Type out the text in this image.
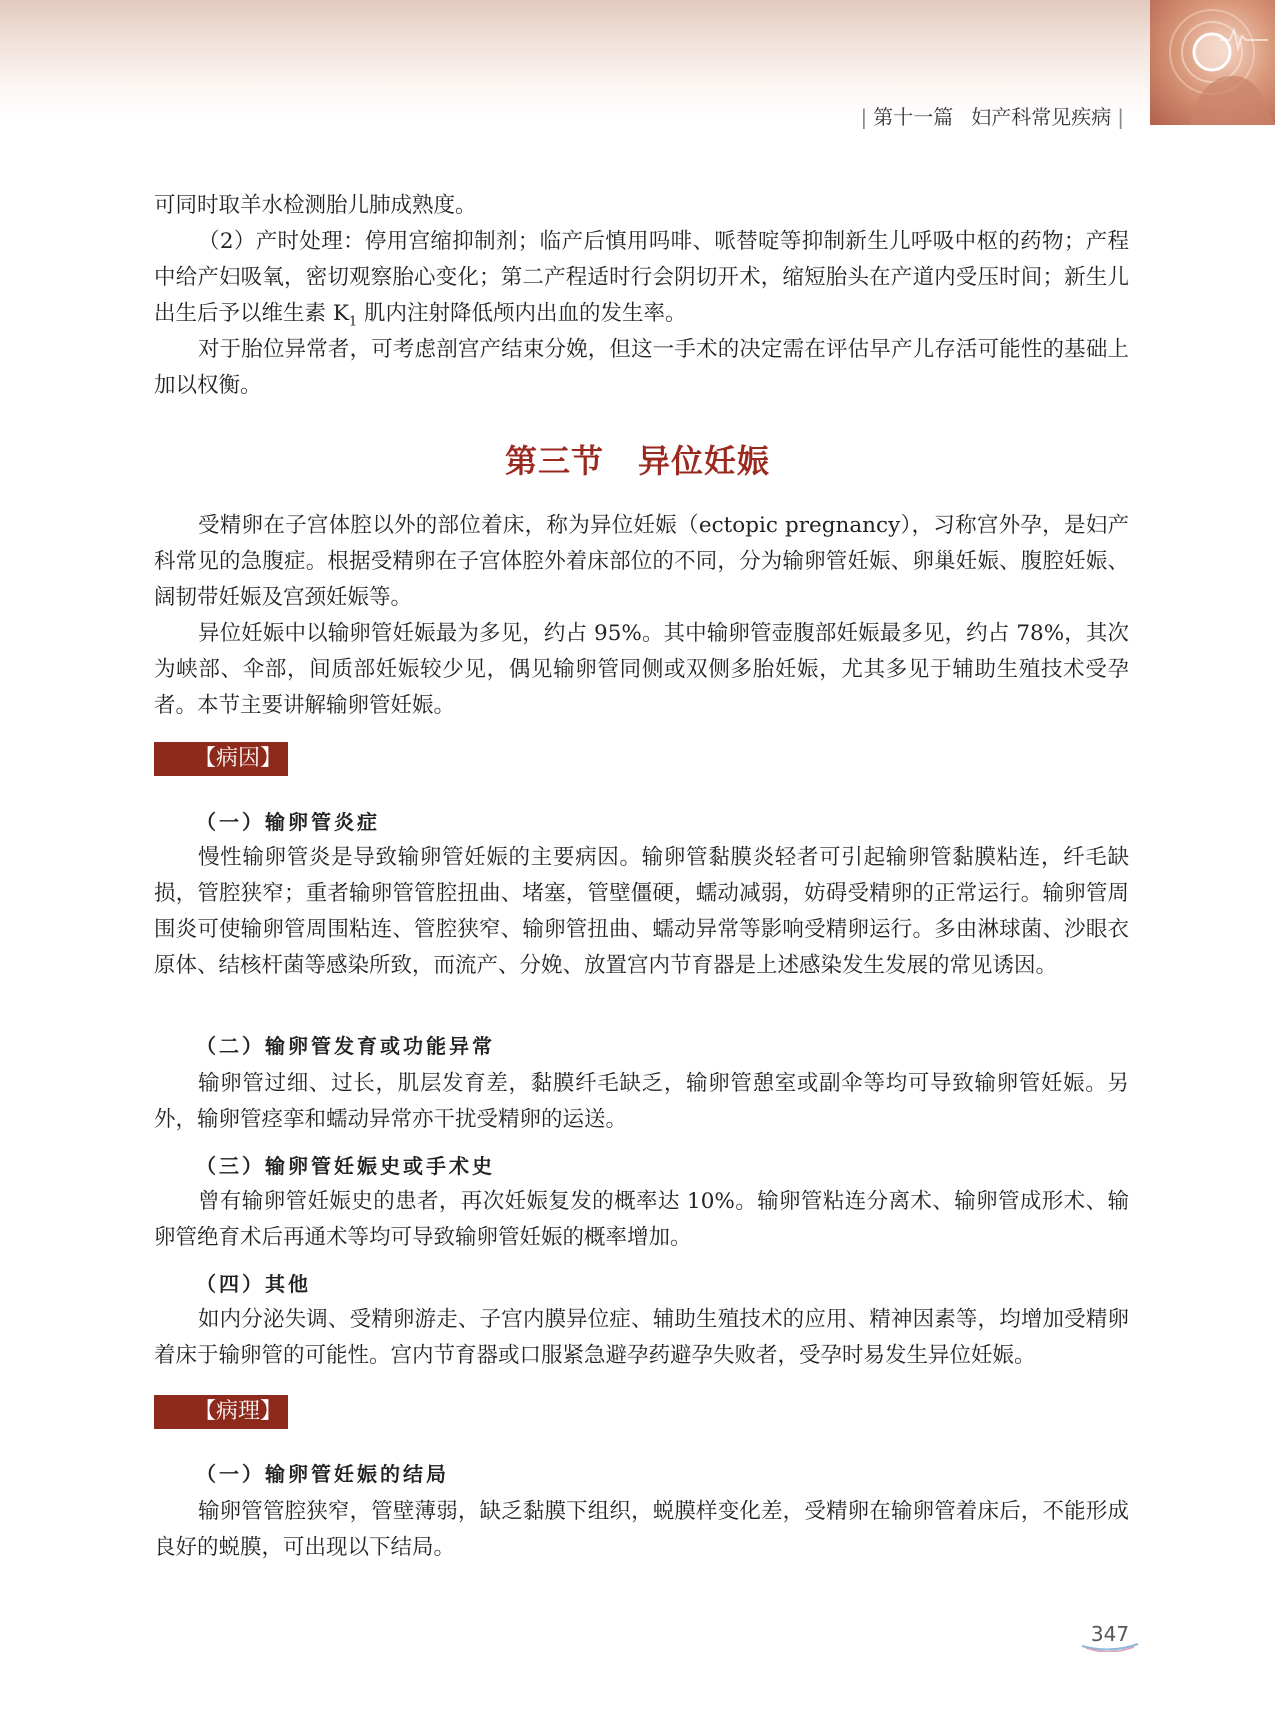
| 第十一篇 妇产科常见疾病 |

可同时取羊水检测胎儿肺成熟度。

（2）产时处理：停用宫缩抑制剂；临产后慎用吗啡、哌替啶等抑制新生儿呼吸中枢的药物；产程中给产妇吸氧，密切观察胎心变化；第二产程适时行会阴切开术，缩短胎头在产道内受压时间；新生儿出生后予以维生素 $K_1$ 肌内注射降低颅内出血的发生率。

对于胎位异常者，可考虑剖宫产结束分娩，但这一手术的决定需在评估早产儿存活可能性的基础上加以权衡。

第三节 异位妊娠

受精卵在子宫体腔以外的部位着床，称为异位妊娠（ectopic pregnancy），习称宫外孕，是妇产科常见的急腹症。根据受精卵在子宫体腔外着床部位的不同，分为输卵管妊娠、卵巢妊娠、腹腔妊娠、阔韧带妊娠及宫颈妊娠等。

异位妊娠中以输卵管妊娠最为多见，约占 95%。其中输卵管壶腹部妊娠最多见，约占 78%，其次为峡部、伞部，间质部妊娠较少见，偶见输卵管同侧或双侧多胎妊娠，尤其多见于辅助生殖技术受孕者。本节主要讲解输卵管妊娠。

【病因】

（一）输卵管炎症

慢性输卵管炎是导致输卵管妊娠的主要病因。输卵管黏膜炎轻者可引起输卵管黏膜粘连，纤毛缺损，管腔狭窄；重者输卵管管腔扭曲、堵塞，管壁僵硬，蠕动减弱，妨碍受精卵的正常运行。输卵管周围炎可使输卵管周围粘连、管腔狭窄、输卵管扭曲、蠕动异常等影响受精卵运行。多由淋球菌、沙眼衣原体、结核杆菌等感染所致，而流产、分娩、放置宫内节育器是上述感染发生发展的常见诱因。

（二）输卵管发育或功能异常

输卵管过细、过长，肌层发育差，黏膜纤毛缺乏，输卵管憩室或副伞等均可导致输卵管妊娠。另外，输卵管痉挛和蠕动异常亦干扰受精卵的运送。

（三）输卵管妊娠史或手术史

曾有输卵管妊娠史的患者，再次妊娠复发的概率达 10%。输卵管粘连分离术、输卵管成形术、输卵管绝育术后再通术等均可导致输卵管妊娠的概率增加。

（四）其他

如内分泌失调、受精卵游走、子宫内膜异位症、辅助生殖技术的应用、精神因素等，均增加受精卵着床于输卵管的可能性。宫内节育器或口服紧急避孕药避孕失败者，受孕时易发生异位妊娠。

【病理】

（一）输卵管妊娠的结局

输卵管管腔狭窄，管壁薄弱，缺乏黏膜下组织，蜕膜样变化差，受精卵在输卵管着床后，不能形成良好的蜕膜，可出现以下结局。

347
